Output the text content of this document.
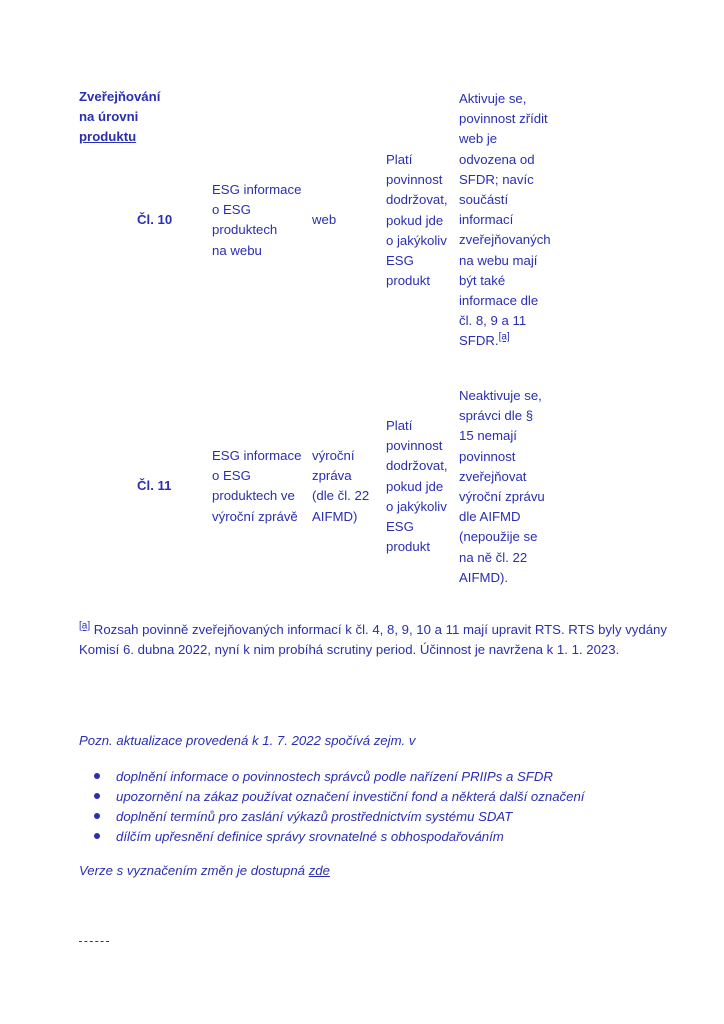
Zveřejňování
na úrovni
produktu
Čl. 10
ESG informace
o ESG
produktech
na webu
web
Platí
povinnost
dodržovat,
pokud jde
o jakýkoliv
ESG
produkt
Aktivuje se,
povinnost zřídit
web je
odvozena od
SFDR; navíc
součástí
informací
zveřejňovaných
na webu mají
být také
informace dle
čl. 8, 9 a 11
SFDR.[a]
Čl. 11
ESG informace
o ESG
produktech ve
výroční zprávě
výroční
zpráva
(dle čl. 22
AIFMD)
Platí
povinnost
dodržovat,
pokud jde
o jakýkoliv
ESG
produkt
Neaktivuje se,
správci dle §
15 nemají
povinnost
zveřejňovat
výroční zprávu
dle AIFMD
(nepoužije se
na ně čl. 22
AIFMD).
[a] Rozsah povinně zveřejňovaných informací k čl. 4, 8, 9, 10 a 11 mají upravit RTS. RTS byly vydány Komisí 6. dubna 2022, nyní k nim probíhá scrutiny period. Účinnost je navržena k 1. 1. 2023.
Pozn. aktualizace provedená k 1. 7. 2022 spočívá zejm. v
doplnění informace o povinnostech správců podle nařízení PRIIPs a SFDR
upozornění na zákaz používat označení investiční fond a některá další označení
doplnění termínů pro zaslání výkazů prostřednictvím systému SDAT
dílčím upřesnění definice správy srovnatelné s obhospodařováním
Verze s vyznačením změn je dostupná zde
